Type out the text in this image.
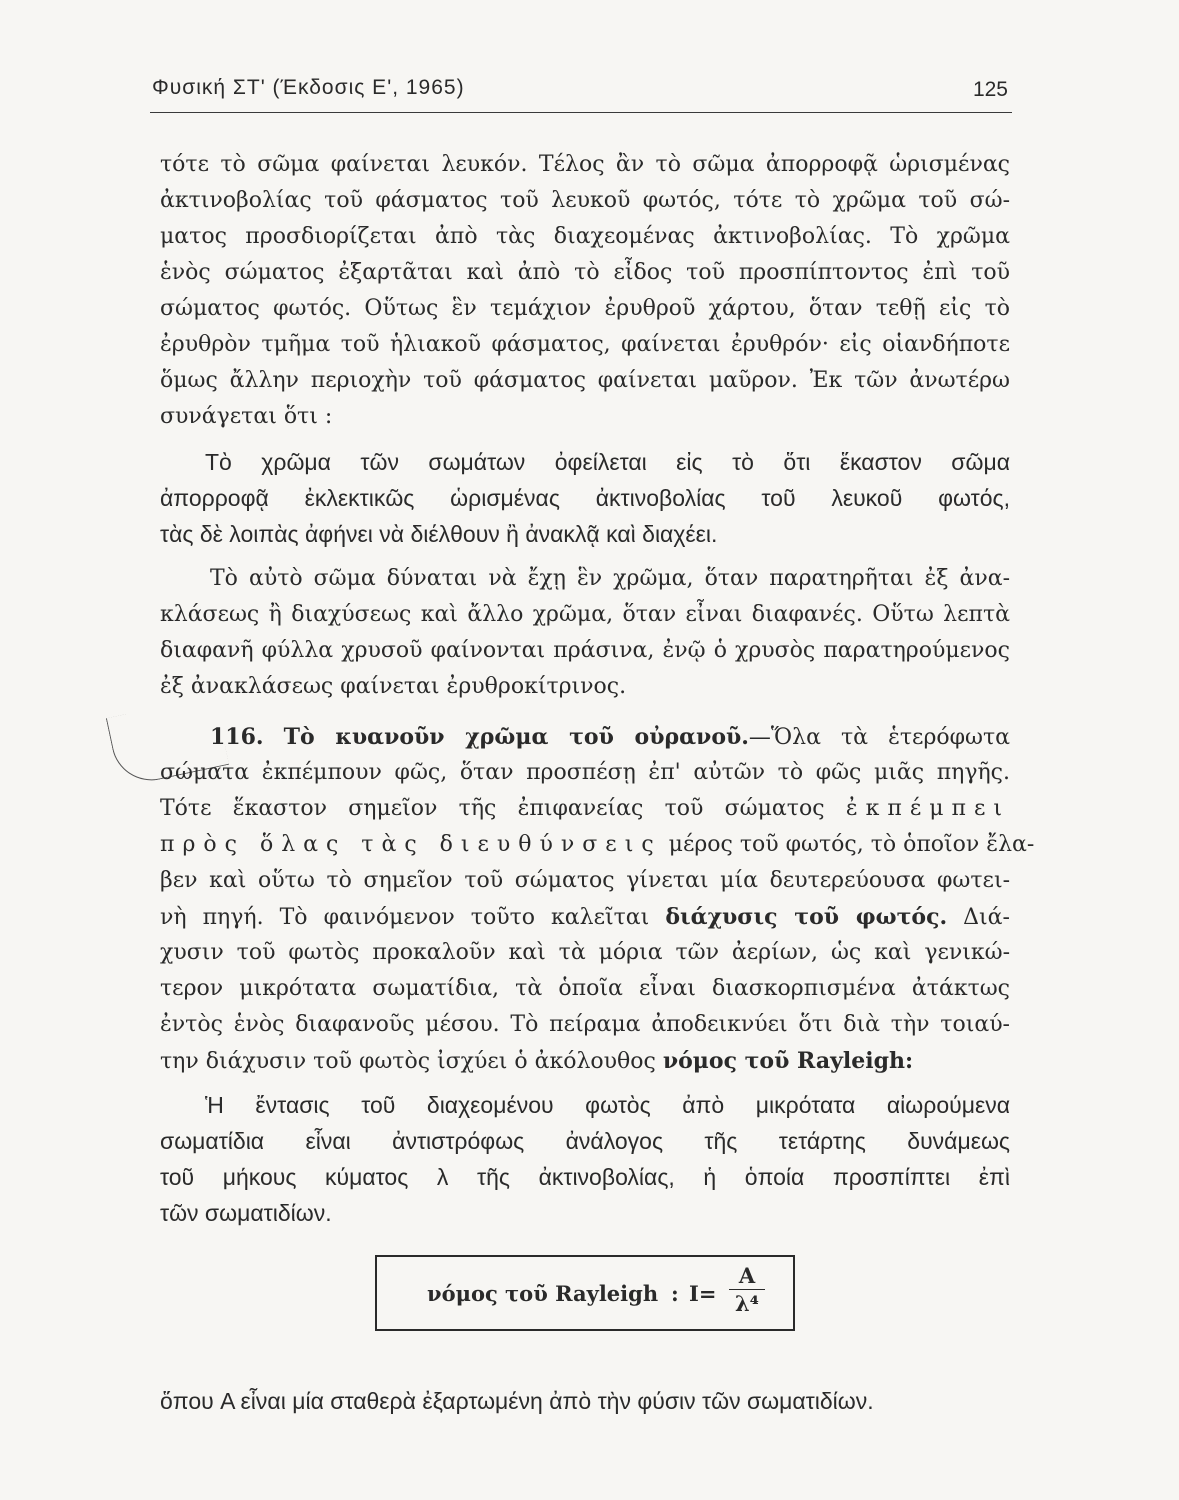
Φυσική ΣΤ' (Έκδοσις Ε', 1965)	125
τότε τὸ σῶμα φαίνεται λευκόν. Τέλος ἂν τὸ σῶμα ἀπορροφᾷ ὡρισμένας
ἀκτινοβολίας τοῦ φάσματος τοῦ λευκοῦ φωτός, τότε τὸ χρῶμα τοῦ σώ-
ματος προσδιορίζεται ἀπὸ τὰς διαχεομένας ἀκτινοβολίας. Τὸ χρῶμα
ἑνὸς σώματος ἐξαρτᾶται καὶ ἀπὸ τὸ εἶδος τοῦ προσπίπτοντος ἐπὶ τοῦ
σώματος φωτός. Οὕτως ἓν τεμάχιον ἐρυθροῦ χάρτου, ὅταν τεθῇ εἰς τὸ
ἐρυθρὸν τμῆμα τοῦ ἡλιακοῦ φάσματος, φαίνεται ἐρυθρόν· εἰς οἱανδήποτε
ὅμως ἄλλην περιοχὴν τοῦ φάσματος φαίνεται μαῦρον. Ἐκ τῶν ἀνωτέρω
συνάγεται ὅτι :
Τὸ χρῶμα τῶν σωμάτων ὀφείλεται εἰς τὸ ὅτι ἕκαστον σῶμα
ἀπορροφᾷ ἐκλεκτικῶς ὡρισμένας ἀκτινοβολίας τοῦ λευκοῦ φωτός,
τὰς δὲ λοιπὰς ἀφήνει νὰ διέλθουν ἢ ἀνακλᾷ καὶ διαχέει.
Τὸ αὐτὸ σῶμα δύναται νὰ ἔχῃ ἓν χρῶμα, ὅταν παρατηρῆται ἐξ ἀνα-
κλάσεως ἢ διαχύσεως καὶ ἄλλο χρῶμα, ὅταν εἶναι διαφανές. Οὕτω λεπτὰ
διαφανῆ φύλλα χρυσοῦ φαίνονται πράσινα, ἐνῷ ὁ χρυσὸς παρατηρούμενος
ἐξ ἀνακλάσεως φαίνεται ἐρυθροκίτρινος.
116. Τὸ κυανοῦν χρῶμα τοῦ οὐρανοῦ.—Ὅλα τὰ ἑτερόφωτα
σώματα ἐκπέμπουν φῶς, ὅταν προσπέσῃ ἐπ' αὐτῶν τὸ φῶς μιᾶς πηγῆς.
Τότε ἕκαστον σημεῖον τῆς ἐπιφανείας τοῦ σώματος ἐκπέμπει
πρὸς ὅλας τὰς διευθύνσεις μέρος τοῦ φωτός, τὸ ὁποῖον ἔλα-
βεν καὶ οὕτω τὸ σημεῖον τοῦ σώματος γίνεται μία δευτερεύουσα φωτει-
νὴ πηγή. Τὸ φαινόμενον τοῦτο καλεῖται διάχυσις τοῦ φωτός. Διά-
χυσιν τοῦ φωτὸς προκαλοῦν καὶ τὰ μόρια τῶν ἀερίων, ὡς καὶ γενικώ-
τερον μικρότατα σωματίδια, τὰ ὁποῖα εἶναι διασκορπισμένα ἀτάκτως
ἐντὸς ἑνὸς διαφανοῦς μέσου. Τὸ πείραμα ἀποδεικνύει ὅτι διὰ τὴν τοιαύ-
την διάχυσιν τοῦ φωτὸς ἰσχύει ὁ ἀκόλουθος νόμος τοῦ Rayleigh:
Ἡ ἔντασις τοῦ διαχεομένου φωτὸς ἀπὸ μικρότατα αἰωρούμενα
σωματίδια εἶναι ἀντιστρόφως ἀνάλογος τῆς τετάρτης δυνάμεως
τοῦ μήκους κύματος λ τῆς ἀκτινοβολίας, ἡ ὁποία προσπίπτει ἐπὶ
τῶν σωματιδίων.
νόμος τοῦ Rayleigh : $I= \frac{A}{\text{λ⁴}}$
ὅπου A εἶναι μία σταθερὰ ἐξαρτωμένη ἀπὸ τὴν φύσιν τῶν σωματιδίων.
